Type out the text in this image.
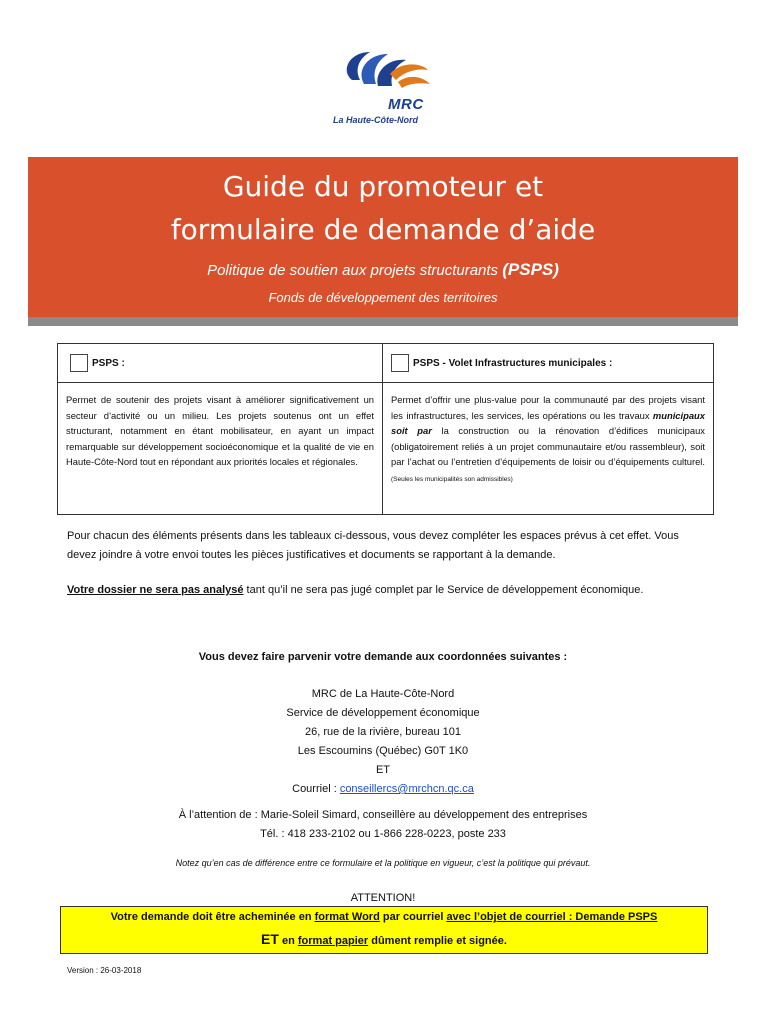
MRC
La Haute-Côte-Nord
Guide du promoteur et
formulaire de demande d’aide
Politique de soutien aux projets structurants (PSPS)
Fonds de développement des territoires
PSPS :
Permet de soutenir des projets visant à améliorer significativement un secteur d’activité ou un milieu. Les projets soutenus ont un effet structurant, notamment en étant mobilisateur, en ayant un impact remarquable sur développement socioéconomique et la qualité de vie en Haute-Côte-Nord tout en répondant aux priorités locales et régionales.
PSPS - Volet Infrastructures municipales :
Permet d’offrir une plus-value pour la communauté par des projets visant les infrastructures, les services, les opérations ou les travaux municipaux soit par la construction ou la rénovation d’édifices municipaux (obligatoirement reliés à un projet communautaire et/ou rassembleur), soit par l’achat ou l’entretien d’équipements de loisir ou d’équipements culturel. (Seules les municipalités son admissibles)
Pour chacun des éléments présents dans les tableaux ci-dessous, vous devez compléter les espaces prévus à cet effet. Vous devez joindre à votre envoi toutes les pièces justificatives et documents se rapportant à la demande.
Votre dossier ne sera pas analysé tant qu’il ne sera pas jugé complet par le Service de développement économique.
Vous devez faire parvenir votre demande aux coordonnées suivantes :
MRC de La Haute-Côte-Nord
Service de développement économique
26, rue de la rivière, bureau 101
Les Escoumins (Québec) G0T 1K0
ET
Courriel : conseillercs@mrchcn.qc.ca
À l’attention de : Marie-Soleil Simard, conseillère au développement des entreprises
Tél. : 418 233-2102 ou 1-866 228-0223, poste 233
Notez qu’en cas de différence entre ce formulaire et la politique en vigueur, c’est la politique qui prévaut.
ATTENTION!
Votre demande doit être acheminée en format Word par courriel avec l’objet de courriel : Demande PSPS
ET en format papier dûment remplie et signée.
Version : 26-03-2018
